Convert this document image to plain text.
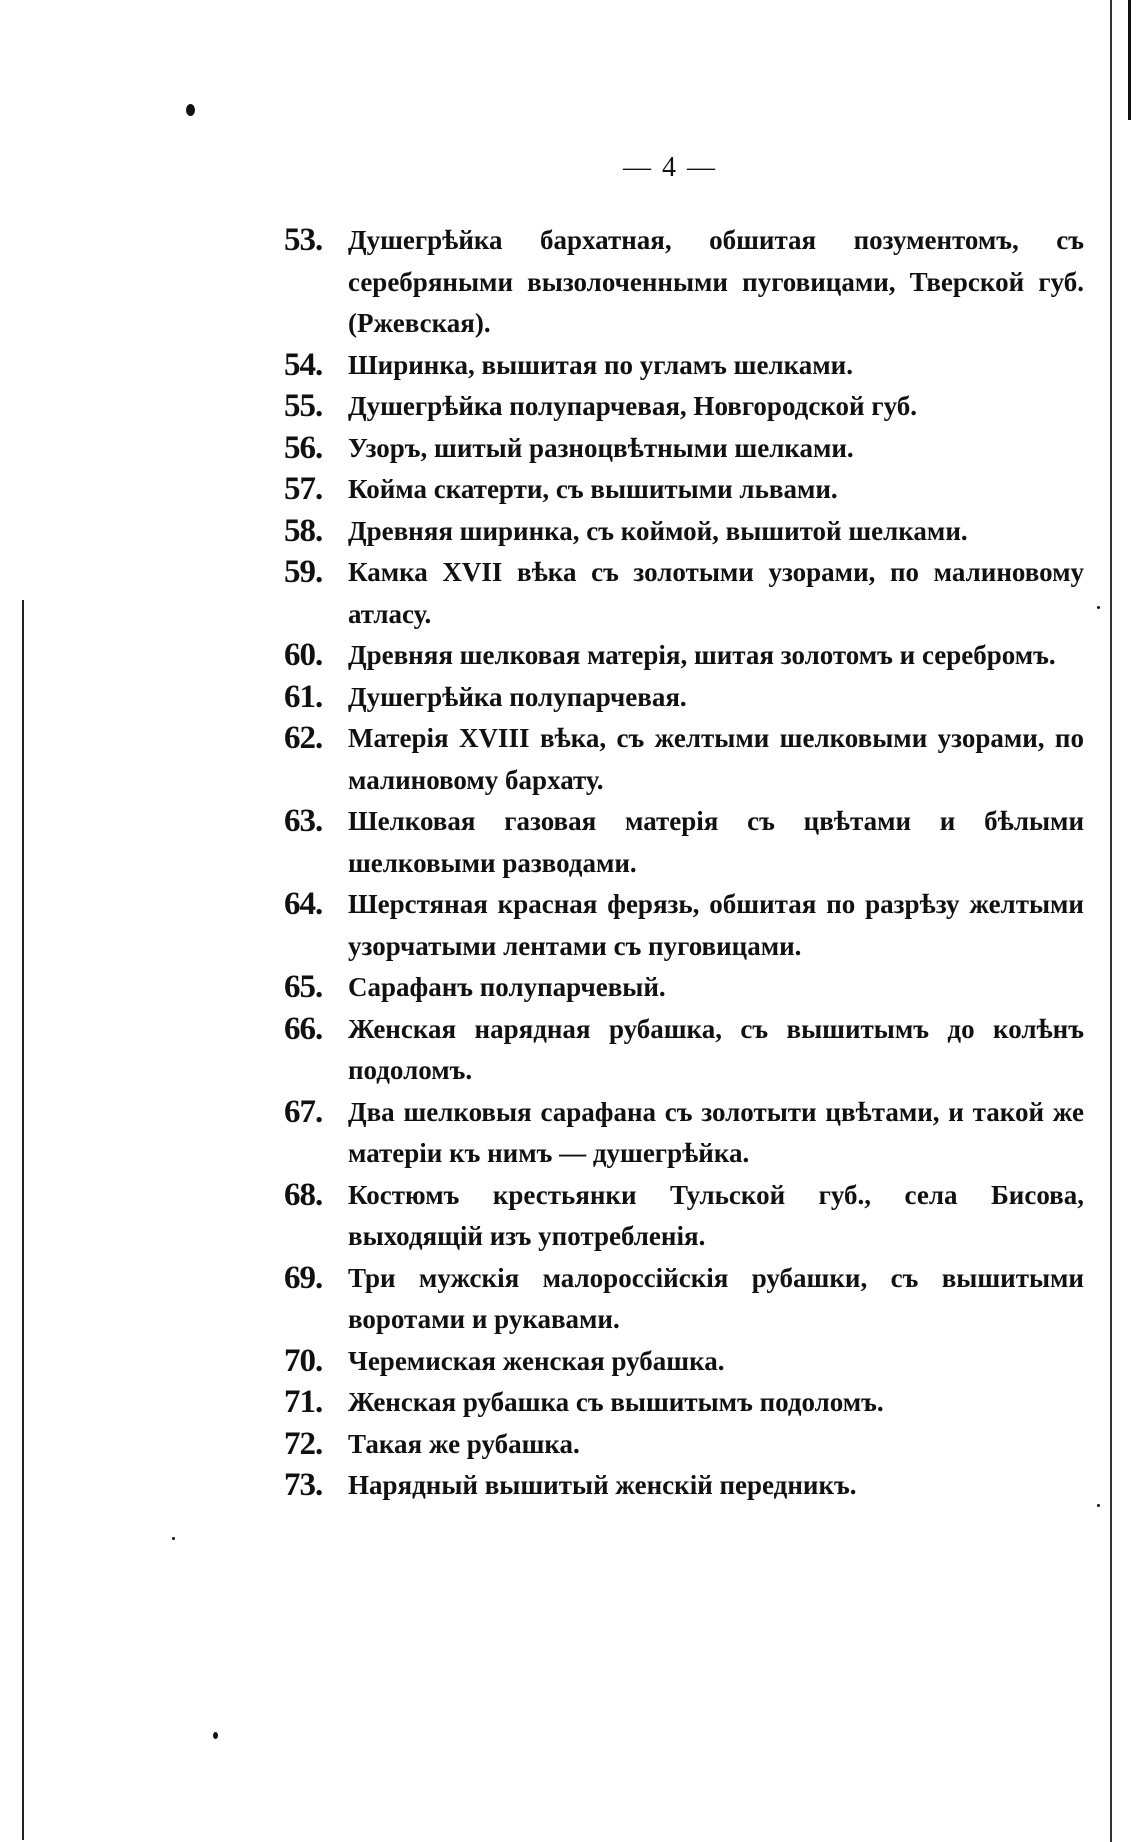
— 4 —
53. Душегрѣйка бархатная, обшитая позументомъ, съ серебряными вызолоченными пуговицами, Тверской губ. (Ржевская).
54. Ширинка, вышитая по угламъ шелками.
55. Душегрѣйка полупарчевая, Новгородской губ.
56. Узоръ, шитый разноцвѣтными шелками.
57. Койма скатерти, съ вышитыми львами.
58. Древняя ширинка, съ коймой, вышитой шелками.
59. Камка XVII вѣка съ золотыми узорами, по малиновому атласу.
60. Древняя шелковая матерія, шитая золотомъ и серебромъ.
61. Душегрѣйка полупарчевая.
62. Матерія XVIII вѣка, съ желтыми шелковыми узорами, по малиновому бархату.
63. Шелковая газовая матерія съ цвѣтами и бѣлыми шелковыми разводами.
64. Шерстяная красная ферязь, обшитая по разрѣзу желтыми узорчатыми лентами съ пуговицами.
65. Сарафанъ полупарчевый.
66. Женская нарядная рубашка, съ вышитымъ до колѣнъ подоломъ.
67. Два шелковыя сарафана съ золотыти цвѣтами, и такой же матеріи къ нимъ — душегрѣйка.
68. Костюмъ крестьянки Тульской губ., села Бисова, выходящій изъ употребленія.
69. Три мужскія малороссійскія рубашки, съ вышитыми воротами и рукавами.
70. Черемиская женская рубашка.
71. Женская рубашка съ вышитымъ подоломъ.
72. Такая же рубашка.
73. Нарядный вышитый женскій передникъ.
